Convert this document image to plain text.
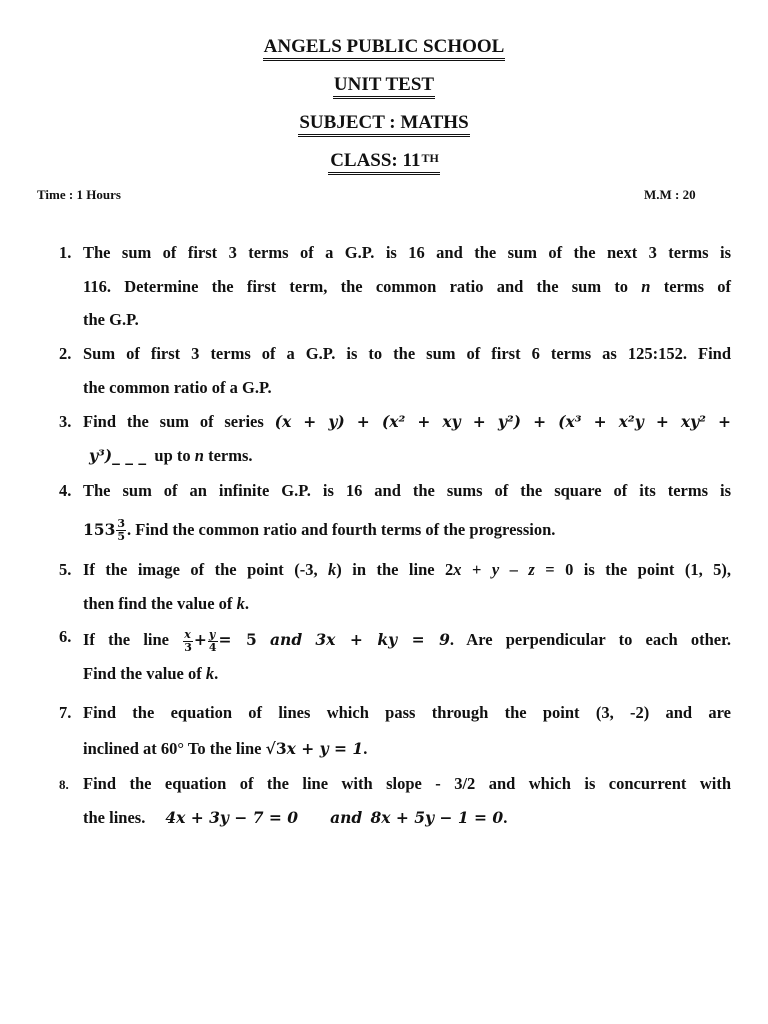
ANGELS PUBLIC SCHOOL
UNIT TEST
SUBJECT : MATHS
CLASS: 11TH
Time : 1 Hours	M.M : 20
1. The sum of first 3 terms of a G.P. is 16 and the sum of the next 3 terms is
116. Determine the first term, the common ratio and the sum to n terms of
the G.P.
2. Sum of first 3 terms of a G.P. is to the sum of first 6 terms as 125:152. Find
the common ratio of a G.P.
3. Find the sum of series (x + y) + (x² + xy + y²) + (x³ + x²y + xy² +
y³)_ _ _ up to n terms.
4. The sum of an infinite G.P. is 16 and the sums of the square of its terms is
$153 \frac{3}{5}$ . Find the common ratio and fourth terms of the progression.
5. If the image of the point (-3, k) in the line 2x + y – z = 0 is the point (1, 5),
then find the value of k.
6. If the line $\frac{x}{3} + \frac{y}{4} = 5$ and 3x + ky = 9. Are perpendicular to each other.
Find the value of k.
7. Find the equation of lines which pass through the point (3, -2) and are
inclined at 60° To the line √3x + y = 1.
8. Find the equation of the line with slope - 3/2 and which is concurrent with
the lines. 4x + 3y − 7 = 0 and 8x + 5y − 1 = 0.
